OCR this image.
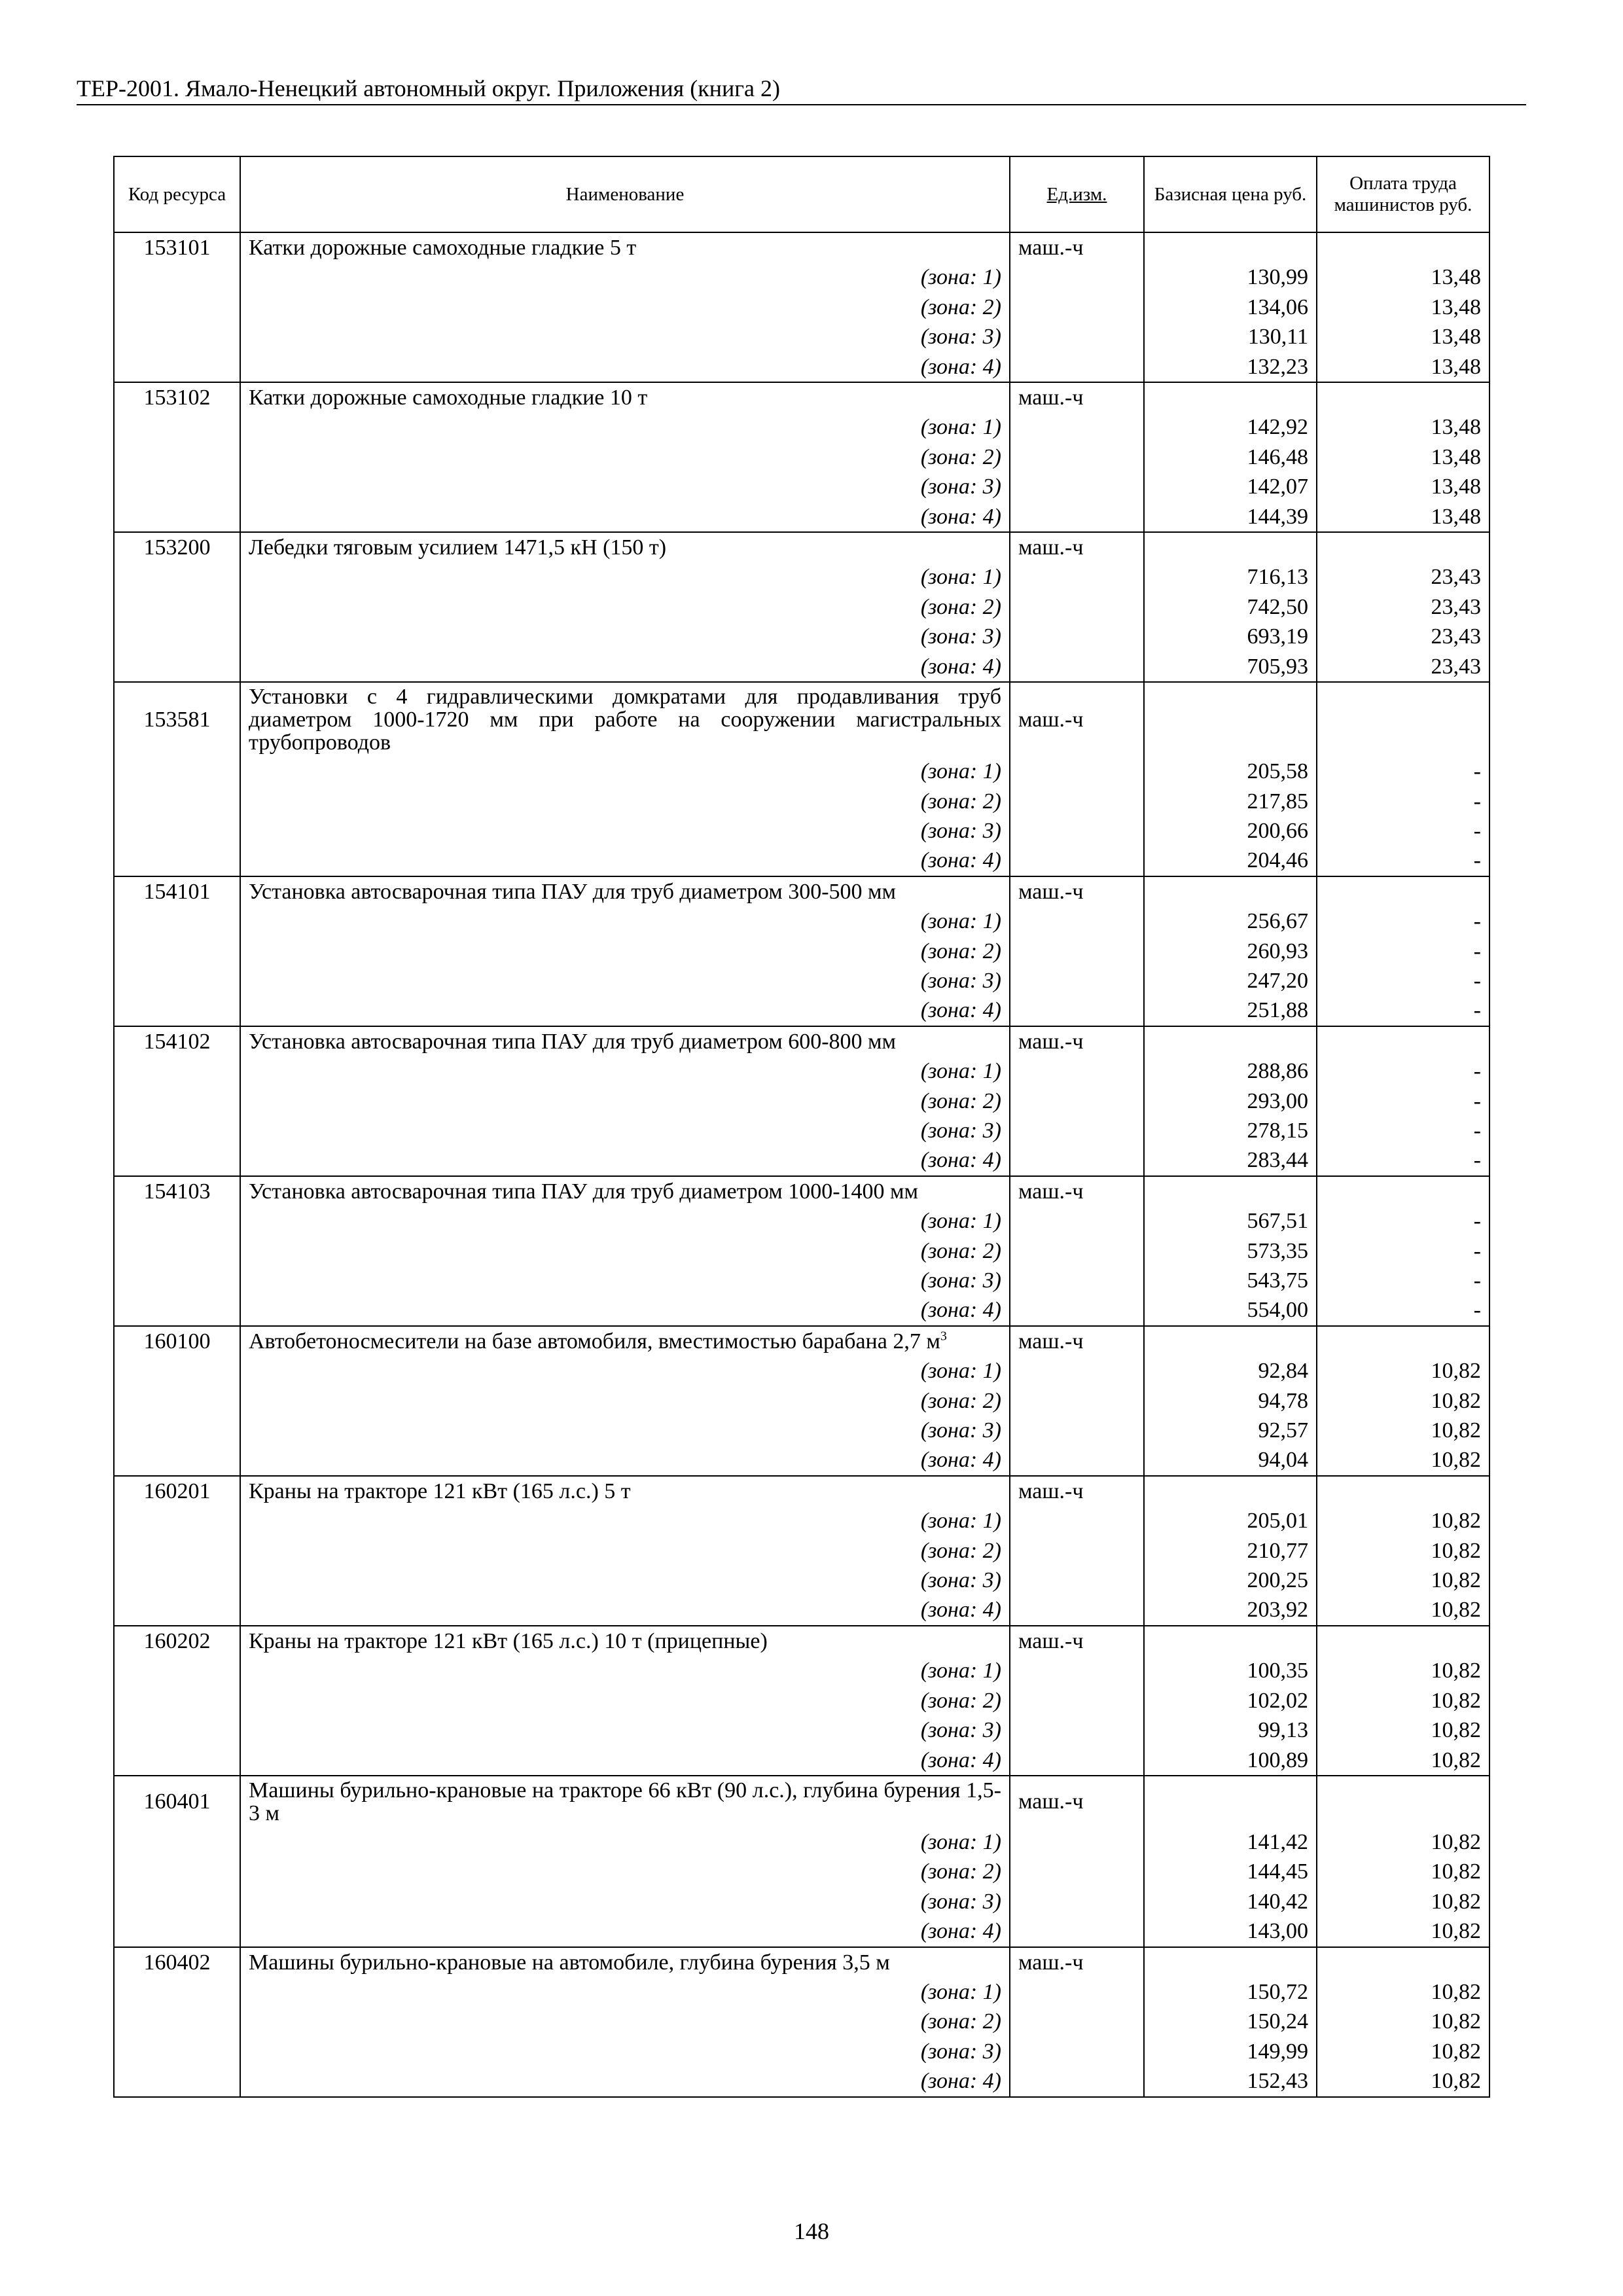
ТЕР-2001. Ямало-Ненецкий автономный округ. Приложения (книга 2)
Код ресурса	Наименование	Ед.изм.	Базисная цена руб.	Оплата труда машинистов руб.
153101	Катки дорожные самоходные гладкие 5 т	маш.-ч		
	(зона: 1)		130,99	13,48
	(зона: 2)		134,06	13,48
	(зона: 3)		130,11	13,48
	(зона: 4)		132,23	13,48
153102	Катки дорожные самоходные гладкие 10 т	маш.-ч		
	(зона: 1)		142,92	13,48
	(зона: 2)		146,48	13,48
	(зона: 3)		142,07	13,48
	(зона: 4)		144,39	13,48
153200	Лебедки тяговым усилием 1471,5 кН (150 т)	маш.-ч		
	(зона: 1)		716,13	23,43
	(зона: 2)		742,50	23,43
	(зона: 3)		693,19	23,43
	(зона: 4)		705,93	23,43
153581	Установки с 4 гидравлическими домкратами для продавливания труб диаметром 1000-1720 мм при работе на сооружении магистральных трубопроводов	маш.-ч		
	(зона: 1)		205,58	-
	(зона: 2)		217,85	-
	(зона: 3)		200,66	-
	(зона: 4)		204,46	-
154101	Установка автосварочная типа ПАУ для труб диаметром 300-500 мм	маш.-ч		
	(зона: 1)		256,67	-
	(зона: 2)		260,93	-
	(зона: 3)		247,20	-
	(зона: 4)		251,88	-
154102	Установка автосварочная типа ПАУ для труб диаметром 600-800 мм	маш.-ч		
	(зона: 1)		288,86	-
	(зона: 2)		293,00	-
	(зона: 3)		278,15	-
	(зона: 4)		283,44	-
154103	Установка автосварочная типа ПАУ для труб диаметром 1000-1400 мм	маш.-ч		
	(зона: 1)		567,51	-
	(зона: 2)		573,35	-
	(зона: 3)		543,75	-
	(зона: 4)		554,00	-
160100	Автобетоносмесители на базе автомобиля, вместимостью барабана 2,7 $м^3$	маш.-ч		
	(зона: 1)		92,84	10,82
	(зона: 2)		94,78	10,82
	(зона: 3)		92,57	10,82
	(зона: 4)		94,04	10,82
160201	Краны на тракторе 121 кВт (165 л.с.) 5 т	маш.-ч		
	(зона: 1)		205,01	10,82
	(зона: 2)		210,77	10,82
	(зона: 3)		200,25	10,82
	(зона: 4)		203,92	10,82
160202	Краны на тракторе 121 кВт (165 л.с.) 10 т (прицепные)	маш.-ч		
	(зона: 1)		100,35	10,82
	(зона: 2)		102,02	10,82
	(зона: 3)		99,13	10,82
	(зона: 4)		100,89	10,82
160401	Машины бурильно-крановые на тракторе 66 кВт (90 л.с.), глубина бурения 1,5-3 м	маш.-ч		
	(зона: 1)		141,42	10,82
	(зона: 2)		144,45	10,82
	(зона: 3)		140,42	10,82
	(зона: 4)		143,00	10,82
160402	Машины бурильно-крановые на автомобиле, глубина бурения 3,5 м	маш.-ч		
	(зона: 1)		150,72	10,82
	(зона: 2)		150,24	10,82
	(зона: 3)		149,99	10,82
	(зона: 4)		152,43	10,82
148
